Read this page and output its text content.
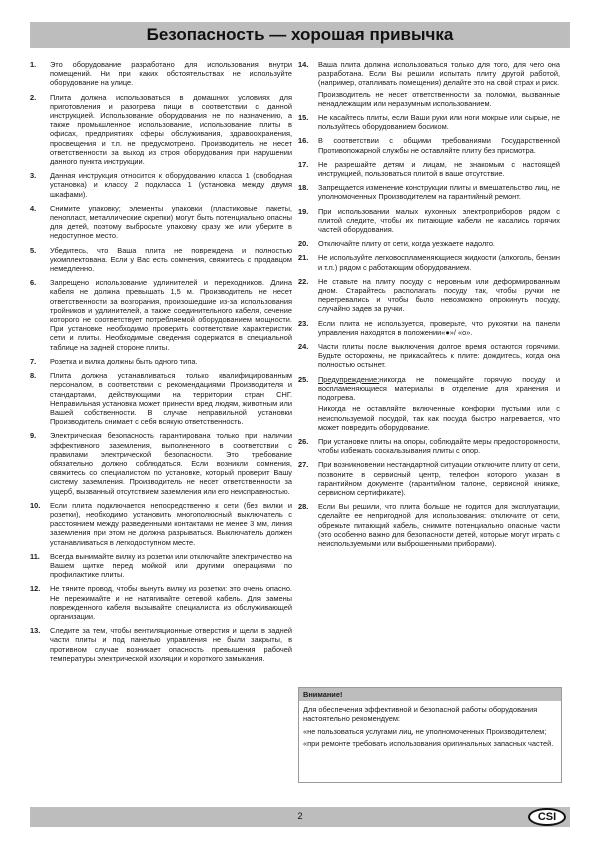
Безопасность — хорошая привычка
1.	Это оборудование разработано для использования внутри помещений. Ни при каких обстоятельствах не используйте оборудование на улице.
2.	Плита должна использоваться в домашних условиях для приготовления и разогрева пищи в соответствии с данной инструкцией. Использование оборудования не по назначению, а также промышленное использование, использование плиты в офисах, предприятиях сферы обслуживания, здравоохранения, просвещения и т.п. не предусмотрено. Производитель не несет ответственности за выход из строя оборудования при нарушении данного пункта инструкции.
3.	Данная инструкция относится к оборудованию класса 1 (свободная установка) и классу 2 подкласса 1 (установка между двумя шкафами).
4.	Снимите упаковку; элементы упаковки (пластиковые пакеты, пенопласт, металлические скрепки) могут быть потенциально опасны для детей, поэтому выбросьте упаковку сразу же или уберите в недоступное место.
5.	Убедитесь, что Ваша плита не повреждена и полностью укомплектована. Если у Вас есть сомнения, свяжитесь с продавцом немедленно.
6.	Запрещено использование удлинителей и переходников. Длина кабеля не должна превышать 1,5 м. Производитель не несет ответственности за возгорания, произошедшие из-за использования тройников и удлинителей, а также соединительного кабеля, сечение которого не соответствует потребляемой оборудованием мощности. При установке необходимо проверить соответствие характеристик сети и плиты. Необходимые сведения содержатся в специальной таблице на задней стороне плиты.
7.	Розетка и вилка должны быть одного типа.
8.	Плита должна устанавливаться только квалифицированным персоналом, в соответствии с рекомендациями Производителя и стандартами, действующими на территории стран СНГ. Неправильная установка может принести вред людям, животным или Вашей собственности. В случае неправильной установки Производитель снимает с себя всякую ответственность.
9.	Электрическая безопасность гарантирована только при наличии эффективного заземления, выполненного в соответствии с правилами электрической безопасности. Это требование обязательно должно соблюдаться. Если возникли сомнения, свяжитесь со специалистом по установке, который проверит Вашу систему заземления. Производитель не несет ответственности за ущерб, вызванный отсутствием заземления или его неисправностью.
10.	Если плита подключается непосредственно к сети (без вилки и розетки), необходимо установить многополюсный выключатель с расстоянием между разведенными контактами не менее 3 мм, линия заземления при этом не должна разрываться. Выключатель должен устанавливаться в легкодоступном месте.
11.	Всегда вынимайте вилку из розетки или отключайте электричество на Вашем щитке перед мойкой или другими операциями по профилактике плиты.
12.	Не тяните провод, чтобы вынуть вилку из розетки: это очень опасно. Не пережимайте и не натягивайте сетевой кабель. Для замены поврежденного кабеля вызывайте специалиста из обслуживающей организации.
13.	Следите за тем, чтобы вентиляционные отверстия и щели в задней части плиты и под панелью управления не были закрыты, в противном случае возникает опасность превышения рабочей температуры электрической изоляции и короткого замыкания.
14.	Ваша плита должна использоваться только для того, для чего она разработана. Если Вы решили испытать плиту другой работой, (например, отапливать помещения) делайте это на свой страх и риск.
Производитель не несет ответственности за поломки, вызванные ненадлежащим или неразумным использованием.
15.	Не касайтесь плиты, если Ваши руки или ноги мокрые или сырые, не пользуйтесь оборудованием босиком.
16.	В соответствии с общими требованиями Государственной Противопожарной службы не оставляйте плиту без присмотра.
17.	Не разрешайте детям и лицам, не знакомым с настоящей инструкцией, пользоваться плитой в ваше отсутствие.
18.	Запрещается изменение конструкции плиты и вмешательство лиц, не уполномоченных Производителем на гарантийный ремонт.
19.	При использовании малых кухонных электроприборов рядом с плитой следите, чтобы их питающие кабели не касались горячих частей оборудования.
20.	Отключайте плиту от сети, когда уезжаете надолго.
21.	Не используйте легковоспламеняющиеся жидкости (алкоголь, бензин и т.п.) рядом с работающим оборудованием.
22.	Не ставьте на плиту посуду с неровным или деформированным дном. Старайтесь располагать посуду так, чтобы ручки не перегревались и чтобы было невозможно опрокинуть посуду, случайно задев за ручки.
23.	Если плита не используется, проверьте, что рукоятки на панели управления находятся в положении«●»/ «о».
24.	Части плиты после выключения долгое время остаются горячими. Будьте осторожны, не прикасайтесь к плите: дождитесь, когда она полностью остынет.
25.	Предупреждение:никогда не помещайте горячую посуду и воспламеняющиеся материалы в отделение для хранения и подогрева.
Никогда не оставляйте включенные конфорки пустыми или с неиспользуемой посудой, так как посуда быстро нагревается, что может повредить оборудование.
26.	При установке плиты на опоры, соблюдайте меры предосторожности, чтобы избежать соскальзывания плиты с опор.
27.	При возникновении нестандартной ситуации отключите плиту от сети, позвоните в сервисный центр, телефон которого указан в гарантийном документе (гарантийном талоне, сервисной книжке, сервисном сертификате).
28.	Если Вы решили, что плита больше не годится для эксплуатации, сделайте ее непригодной для использования: отключите от сети, обрежьте питающий кабель, снимите потенциально опасные части (это особенно важно для безопасности детей, которые могут играть с неиспользуемыми или выброшенными приборами).
Внимание!
Для обеспечения эффективной и безопасной работы оборудования настоятельно рекомендуем:
«не пользоваться услугами лиц, не уполномоченных Производителем;
«при ремонте требовать использования оригинальных запасных частей.
2	CSI
